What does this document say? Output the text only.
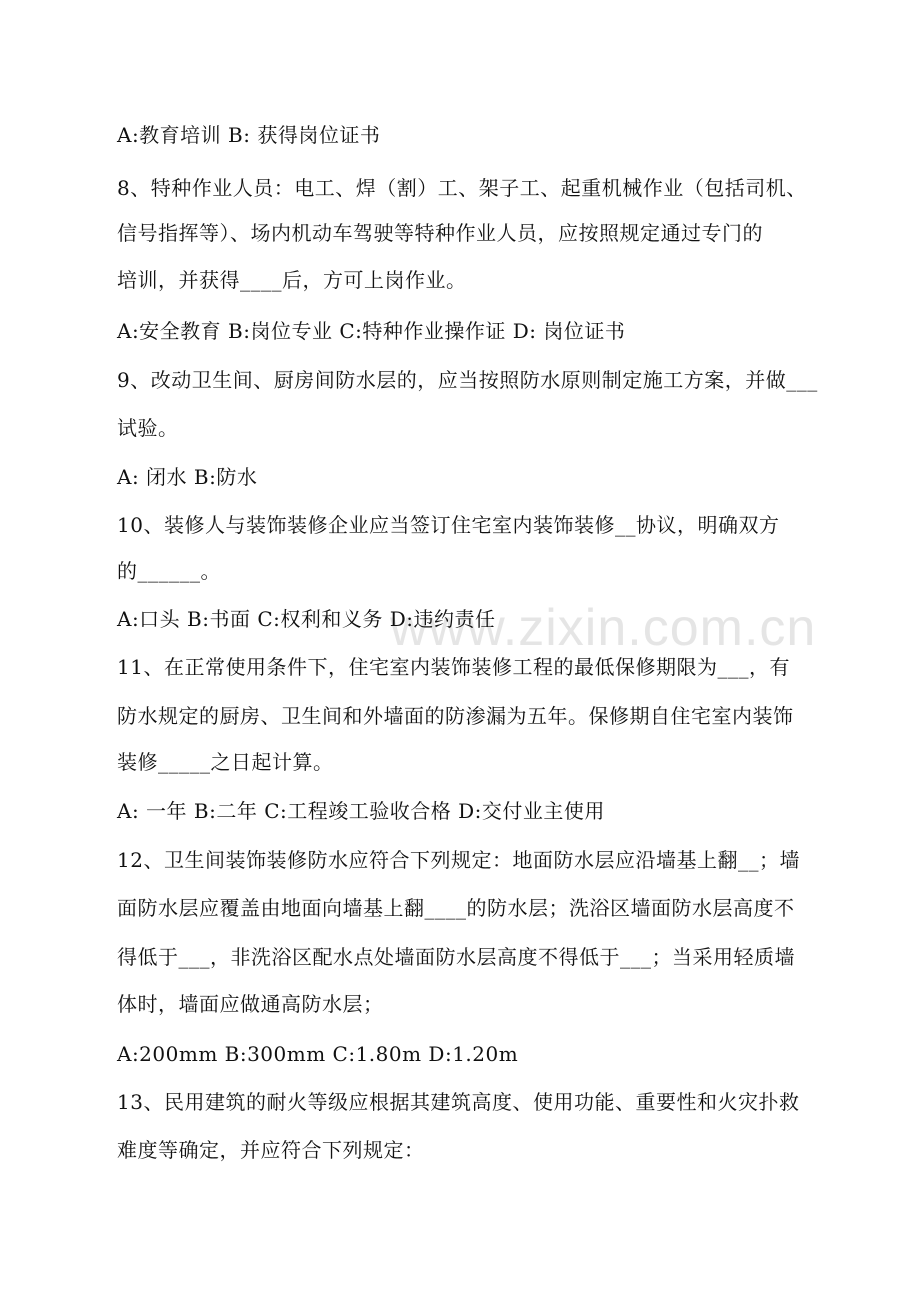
www.zixin.com.cn
A:教育培训 B: 获得岗位证书
8、特种作业人员：电工、焊（割）工、架子工、起重机械作业（包括司机、
信号指挥等）、场内机动车驾驶等特种作业人员，应按照规定通过专门的
培训，并获得____后，方可上岗作业。
A:安全教育 B:岗位专业 C:特种作业操作证 D: 岗位证书
9、改动卫生间、厨房间防水层的，应当按照防水原则制定施工方案，并做___
试验。
A: 闭水 B:防水
10、装修人与装饰装修企业应当签订住宅室内装饰装修__协议，明确双方
的______。
A:口头 B:书面 C:权利和义务 D:违约责任
11、在正常使用条件下，住宅室内装饰装修工程的最低保修期限为___，有
防水规定的厨房、卫生间和外墙面的防渗漏为五年。保修期自住宅室内装饰
装修_____之日起计算。
A: 一年 B:二年 C:工程竣工验收合格 D:交付业主使用
12、卫生间装饰装修防水应符合下列规定：地面防水层应沿墙基上翻__；墙
面防水层应覆盖由地面向墙基上翻____的防水层；洗浴区墙面防水层高度不
得低于___，非洗浴区配水点处墙面防水层高度不得低于___；当采用轻质墙
体时，墙面应做通高防水层；
A:200mm B:300mm C:1.80m D:1.20m
13、民用建筑的耐火等级应根据其建筑高度、使用功能、重要性和火灾扑救
难度等确定，并应符合下列规定：
